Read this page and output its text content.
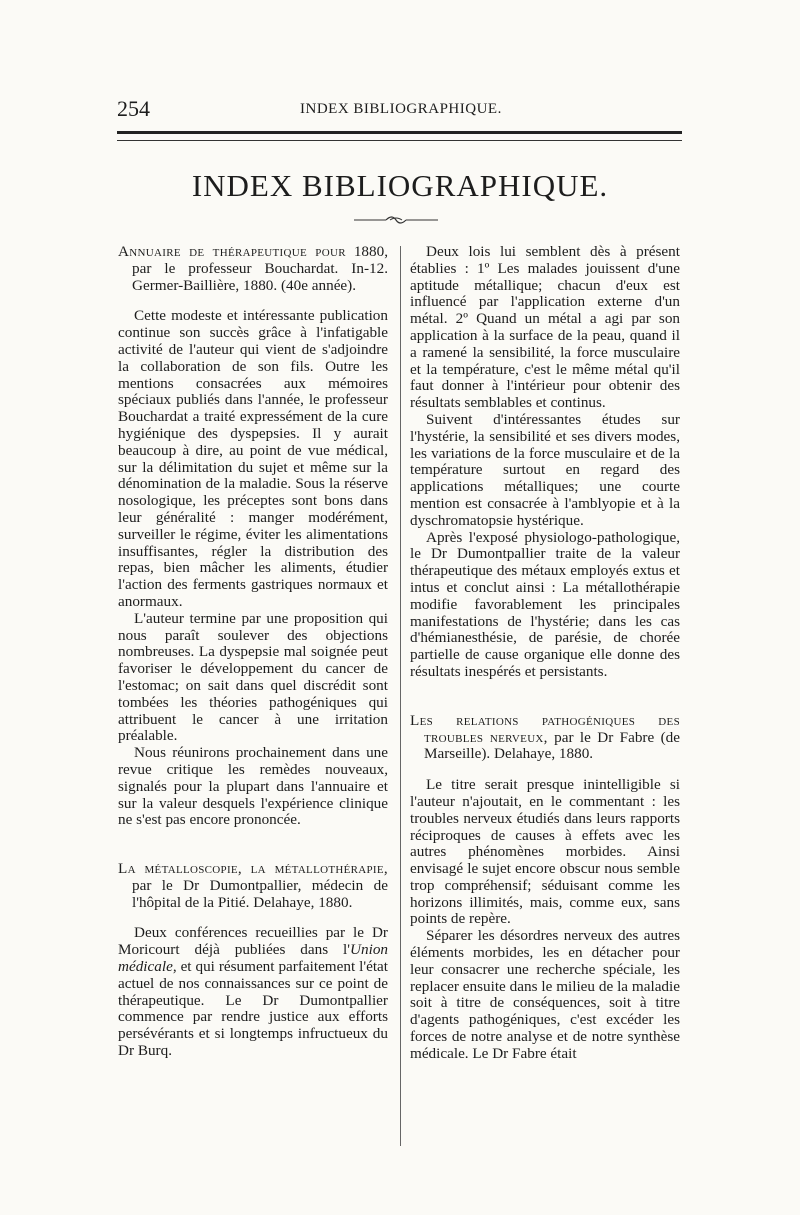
254	INDEX BIBLIOGRAPHIQUE.
INDEX BIBLIOGRAPHIQUE.
Annuaire de thérapeutique pour 1880, par le professeur Bouchardat. In-12. Germer-Baillière, 1880. (40e année).

Cette modeste et intéressante publication continue son succès grâce à l'infatigable activité de l'auteur qui vient de s'adjoindre la collaboration de son fils. Outre les mentions consacrées aux mémoires spéciaux publiés dans l'année, le professeur Bouchardat a traité expressément de la cure hygiénique des dyspepsies. Il y aurait beaucoup à dire, au point de vue médical, sur la délimitation du sujet et même sur la dénomination de la maladie. Sous la réserve nosologique, les préceptes sont bons dans leur généralité : manger modérément, surveiller le régime, éviter les alimentations insuffisantes, régler la distribution des repas, bien mâcher les aliments, étudier l'action des ferments gastriques normaux et anormaux.

L'auteur termine par une proposition qui nous paraît soulever des objections nombreuses. La dyspepsie mal soignée peut favoriser le développement du cancer de l'estomac; on sait dans quel discrédit sont tombées les théories pathogéniques qui attribuent le cancer à une irritation préalable.

Nous réunirons prochainement dans une revue critique les remèdes nouveaux, signalés pour la plupart dans l'annuaire et sur la valeur desquels l'expérience clinique ne s'est pas encore prononcée.

La métalloscopie, la métallothérapie, par le Dr Dumontpallier, médecin de l'hôpital de la Pitié. Delahaye, 1880.

Deux conférences recueillies par le Dr Moricourt déjà publiées dans l'Union médicale, et qui résument parfaitement l'état actuel de nos connaissances sur ce point de thérapeutique. Le Dr Dumontpallier commence par rendre justice aux efforts persévérants et si longtemps infructueux du Dr Burq.

Deux lois lui semblent dès à présent établies : 1º Les malades jouissent d'une aptitude métallique; chacun d'eux est influencé par l'application externe d'un métal. 2º Quand un métal a agi par son application à la surface de la peau, quand il a ramené la sensibilité, la force musculaire et la température, c'est le même métal qu'il faut donner à l'intérieur pour obtenir des résultats semblables et continus.

Suivent d'intéressantes études sur l'hystérie, la sensibilité et ses divers modes, les variations de la force musculaire et de la température surtout en regard des applications métalliques; une courte mention est consacrée à l'amblyopie et à la dyschromatopsie hystérique.

Après l'exposé physiologo-pathologique, le Dr Dumontpallier traite de la valeur thérapeutique des métaux employés extus et intus et conclut ainsi : La métallothérapie modifie favorablement les principales manifestations de l'hystérie; dans les cas d'hémianesthésie, de parésie, de chorée partielle de cause organique elle donne des résultats inespérés et persistants.

Les relations pathogéniques des troubles nerveux, par le Dr Fabre (de Marseille). Delahaye, 1880.

Le titre serait presque inintelligible si l'auteur n'ajoutait, en le commentant : les troubles nerveux étudiés dans leurs rapports réciproques de causes à effets avec les autres phénomènes morbides. Ainsi envisagé le sujet encore obscur nous semble trop compréhensif; séduisant comme les horizons illimités, mais, comme eux, sans points de repère.

Séparer les désordres nerveux des autres éléments morbides, les en détacher pour leur consacrer une recherche spéciale, les replacer ensuite dans le milieu de la maladie soit à titre de conséquences, soit à titre d'agents pathogéniques, c'est excéder les forces de notre analyse et de notre synthèse médicale. Le Dr Fabre était
